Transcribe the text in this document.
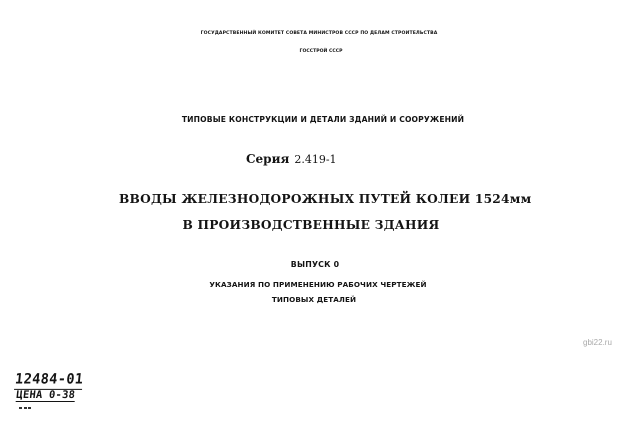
ГОСУДАРСТВЕННЫЙ КОМИТЕТ СОВЕТА МИНИСТРОВ СССР ПО ДЕЛАМ СТРОИТЕЛЬСТВА
ГОССТРОЙ СССР
ТИПОВЫЕ КОНСТРУКЦИИ И ДЕТАЛИ ЗДАНИЙ И СООРУЖЕНИЙ
Серия 2.419-1
ВВОДЫ ЖЕЛЕЗНОДОРОЖНЫХ ПУТЕЙ КОЛЕИ 1524мм
В ПРОИЗВОДСТВЕННЫЕ ЗДАНИЯ
ВЫПУСК 0
УКАЗАНИЯ ПО ПРИМЕНЕНИЮ РАБОЧИХ ЧЕРТЕЖЕЙ
ТИПОВЫХ ДЕТАЛЕЙ
gbi22.ru
12484-01
ЦЕНА 0-38
